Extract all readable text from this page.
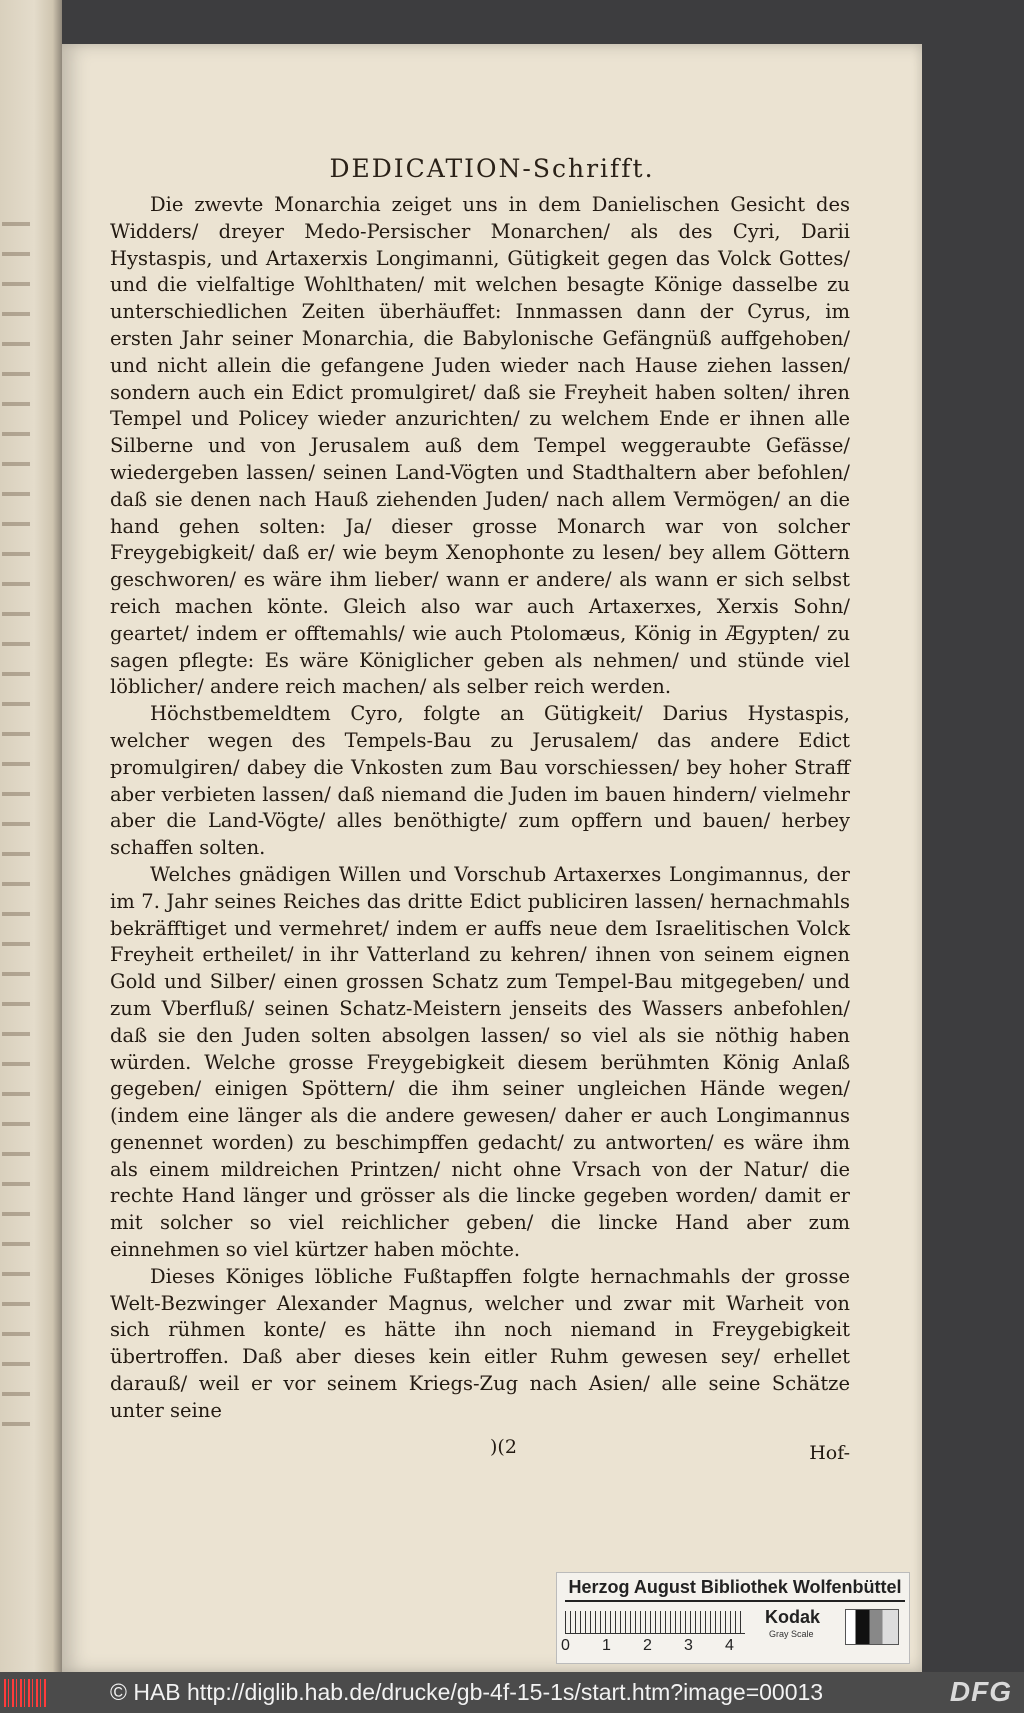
DEDICATION-Schrifft.

Die zwevte Monarchia zeiget uns in dem Danielischen Gesicht des Widders/ dreyer Medo-Persischer Monarchen/ als des Cyri, Darii Hystaspis, und Artaxerxis Longimanni, Gütigkeit gegen das Volck Gottes/ und die vielfaltige Wohlthaten/ mit welchen besagte Könige dasselbe zu unterschiedlichen Zeiten überhäuffet: Innmassen dann der Cyrus, im ersten Jahr seiner Monarchia, die Babylonische Gefängnüß auffgehoben/ und nicht allein die gefangene Juden wieder nach Hause ziehen lassen/ sondern auch ein Edict promulgiret/ daß sie Freyheit haben solten/ ihren Tempel und Policey wieder anzurichten/ zu welchem Ende er ihnen alle Silberne und von Jerusalem auß dem Tempel weggeraubte Gefässe/ wiedergeben lassen/ seinen Land-Vögten und Stadthaltern aber befohlen/ daß sie denen nach Hauß ziehenden Juden/ nach allem Vermögen/ an die hand gehen solten: Ja/ dieser grosse Monarch war von solcher Freygebigkeit/ daß er/ wie beym Xenophonte zu lesen/ bey allem Göttern geschworen/ es wäre ihm lieber/ wann er andere/ als wann er sich selbst reich machen könte. Gleich also war auch Artaxerxes, Xerxis Sohn/ geartet/ indem er offtemahls/ wie auch Ptolomæus, König in Ægypten/ zu sagen pflegte: Es wäre Königlicher geben als nehmen/ und stünde viel löblicher/ andere reich machen/ als selber reich werden.

Höchstbemeldtem Cyro, folgte an Gütigkeit/ Darius Hystaspis, welcher wegen des Tempels-Bau zu Jerusalem/ das andere Edict promulgiren/ dabey die Vnkosten zum Bau vorschiessen/ bey hoher Straff aber verbieten lassen/ daß niemand die Juden im bauen hindern/ vielmehr aber die Land-Vögte/ alles benöthigte/ zum opffern und bauen/ herbey schaffen solten.

Welches gnädigen Willen und Vorschub Artaxerxes Longimannus, der im 7. Jahr seines Reiches das dritte Edict publiciren lassen/ hernachmahls bekräfftiget und vermehret/ indem er auffs neue dem Israelitischen Volck Freyheit ertheilet/ in ihr Vatterland zu kehren/ ihnen von seinem eignen Gold und Silber/ einen grossen Schatz zum Tempel-Bau mitgegeben/ und zum Vberfluß/ seinen Schatz-Meistern jenseits des Wassers anbefohlen/ daß sie den Juden solten absolgen lassen/ so viel als sie nöthig haben würden. Welche grosse Freygebigkeit diesem berühmten König Anlaß gegeben/ einigen Spöttern/ die ihm seiner ungleichen Hände wegen/ (indem eine länger als die andere gewesen/ daher er auch Longimannus genennet worden) zu beschimpffen gedacht/ zu antworten/ es wäre ihm als einem mildreichen Printzen/ nicht ohne Vrsach von der Natur/ die rechte Hand länger und grösser als die lincke gegeben worden/ damit er mit solcher so viel reichlicher geben/ die lincke Hand aber zum einnehmen so viel kürtzer haben möchte.

Dieses Königes löbliche Fußtapffen folgte hernachmahls der grosse Welt-Bezwinger Alexander Magnus, welcher und zwar mit Warheit von sich rühmen konte/ es hätte ihn noch niemand in Freygebigkeit übertroffen. Daß aber dieses kein eitler Ruhm gewesen sey/ erhellet darauß/ weil er vor seinem Kriegs-Zug nach Asien/ alle seine Schätze unter seine

)(2	Hof-
Herzog August Bibliothek Wolfenbüttel
0	1	2	3	4
Kodak
Gray Scale
© HAB http://diglib.hab.de/drucke/gb-4f-15-1s/start.htm?image=00013	DFG
